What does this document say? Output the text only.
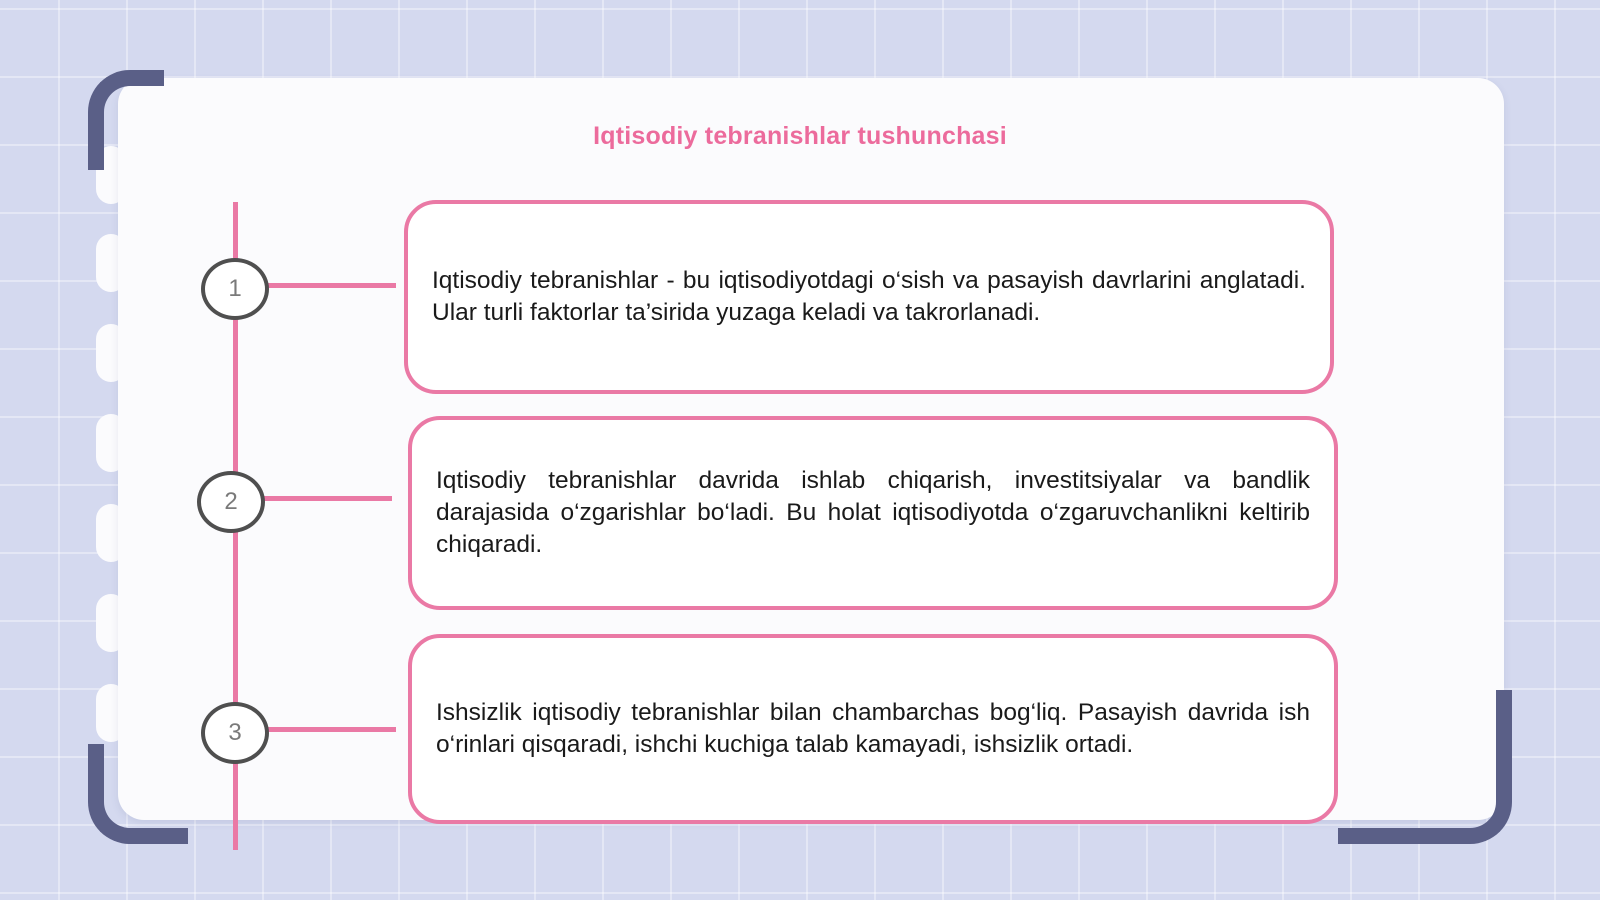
Iqtisodiy tebranishlar tushunchasi
1
2
3
Iqtisodiy tebranishlar - bu iqtisodiyotdagi o‘sish va pasayish davrlarini anglatadi. Ular turli faktorlar ta’sirida yuzaga keladi va takrorlanadi.
Iqtisodiy tebranishlar davrida ishlab chiqarish, investitsiyalar va bandlik darajasida o‘zgarishlar bo‘ladi. Bu holat iqtisodiyotda o‘zgaruvchanlikni keltirib chiqaradi.
Ishsizlik iqtisodiy tebranishlar bilan chambarchas bog‘liq. Pasayish davrida ish o‘rinlari qisqaradi, ishchi kuchiga talab kamayadi, ishsizlik ortadi.
